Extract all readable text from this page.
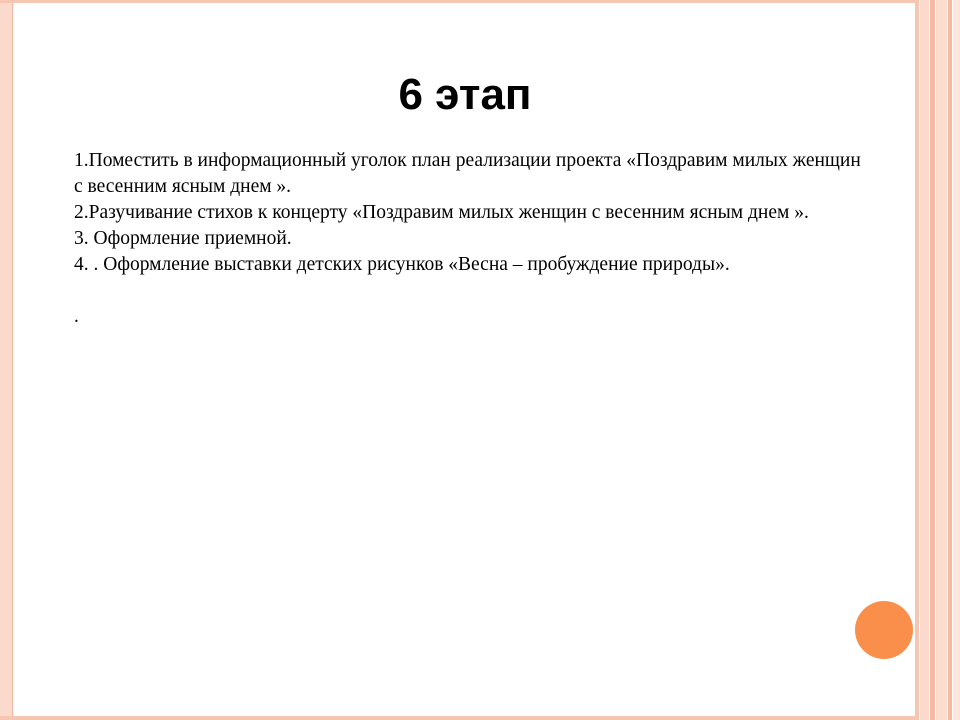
6 этап

1.Поместить в информационный уголок план реализации проекта «Поздравим милых женщин с весенним ясным днем ».

2.Разучивание стихов к концерту «Поздравим милых женщин с весенним ясным днем ».

3. Оформление приемной.

4. . Оформление выставки детских рисунков «Весна – пробуждение природы».

.
